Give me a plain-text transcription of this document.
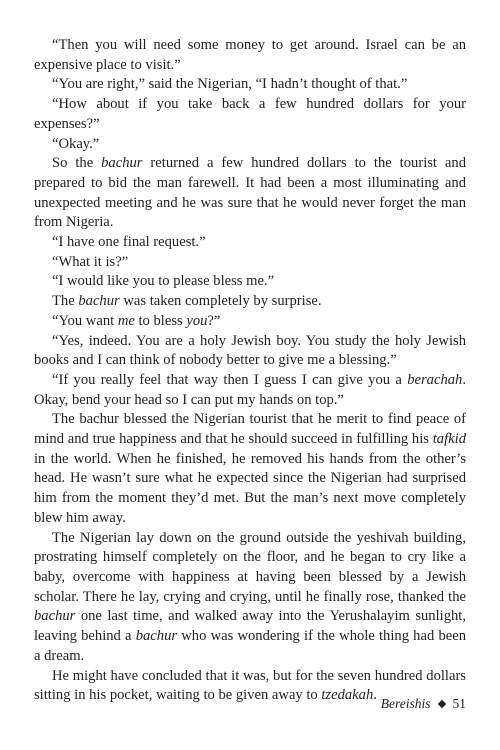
“Then you will need some money to get around. Israel can be an expensive place to visit.”

“You are right,” said the Nigerian, “I hadn’t thought of that.”

“How about if you take back a few hundred dollars for your expenses?”

“Okay.”

So the bachur returned a few hundred dollars to the tourist and prepared to bid the man farewell. It had been a most illuminating and unexpected meeting and he was sure that he would never forget the man from Nigeria.

“I have one final request.”

“What it is?”

“I would like you to please bless me.”

The bachur was taken completely by surprise.

“You want me to bless you?”

“Yes, indeed. You are a holy Jewish boy. You study the holy Jewish books and I can think of nobody better to give me a blessing.”

“If you really feel that way then I guess I can give you a berachah. Okay, bend your head so I can put my hands on top.”

The bachur blessed the Nigerian tourist that he merit to find peace of mind and true happiness and that he should succeed in fulfilling his tafkid in the world. When he finished, he removed his hands from the other’s head. He wasn’t sure what he expected since the Nigerian had surprised him from the moment they’d met. But the man’s next move completely blew him away.

The Nigerian lay down on the ground outside the yeshivah building, prostrating himself completely on the floor, and he began to cry like a baby, overcome with happiness at having been blessed by a Jewish scholar. There he lay, crying and crying, until he finally rose, thanked the bachur one last time, and walked away into the Yerushalayim sunlight, leaving behind a bachur who was wondering if the whole thing had been a dream.

He might have concluded that it was, but for the seven hundred dollars sitting in his pocket, waiting to be given away to tzedakah.

Bereishis 51
